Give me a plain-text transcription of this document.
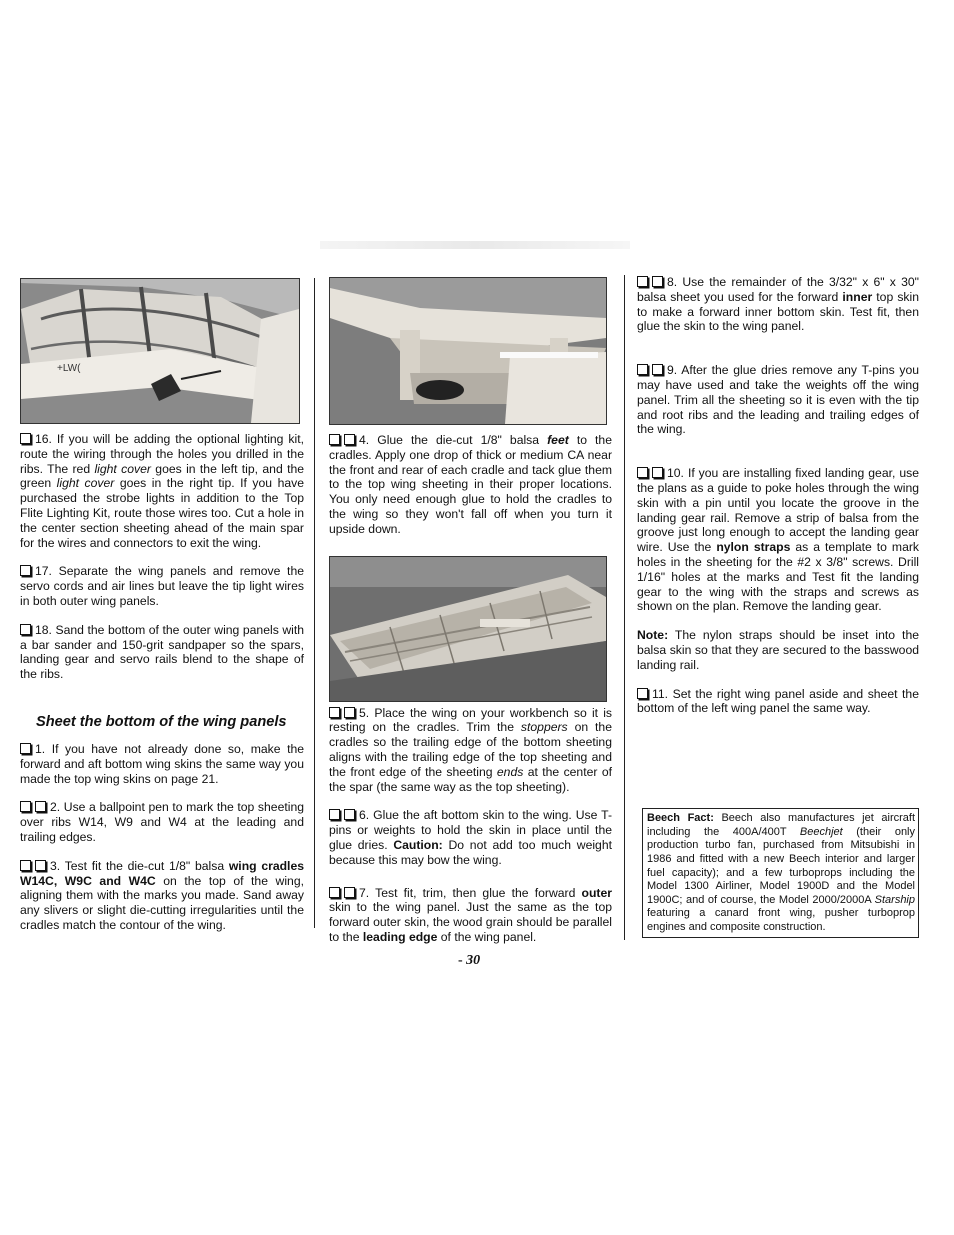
+LW(

16. If you will be adding the optional lighting kit, route the wiring through the holes you drilled in the ribs. The red light cover goes in the left tip, and the green light cover goes in the right tip. If you have purchased the strobe lights in addition to the Top Flite Lighting Kit, route those wires too. Cut a hole in the center section sheeting ahead of the main spar for the wires and connectors to exit the wing.

17. Separate the wing panels and remove the servo cords and air lines but leave the tip light wires in both outer wing panels.

18. Sand the bottom of the outer wing panels with a bar sander and 150-grit sandpaper so the spars, landing gear and servo rails blend to the shape of the ribs.

Sheet the bottom of the wing panels

1. If you have not already done so, make the forward and aft bottom wing skins the same way you made the top wing skins on page 21.

2. Use a ballpoint pen to mark the top sheeting over ribs W14, W9 and W4 at the leading and trailing edges.

3. Test fit the die-cut 1/8" balsa wing cradles W14C, W9C and W4C on the top of the wing, aligning them with the marks you made. Sand away any slivers or slight die-cutting irregularities until the cradles match the contour of the wing.

4. Glue the die-cut 1/8" balsa feet to the cradles. Apply one drop of thick or medium CA near the front and rear of each cradle and tack glue them to the top wing sheeting in their proper locations. You only need enough glue to hold the cradles to the wing so they won't fall off when you turn it upside down.

5. Place the wing on your workbench so it is resting on the cradles. Trim the stoppers on the cradles so the trailing edge of the bottom sheeting aligns with the trailing edge of the top sheeting and the front edge of the sheeting ends at the center of the spar (the same way as the top sheeting).

6. Glue the aft bottom skin to the wing. Use T-pins or weights to hold the skin in place until the glue dries. Caution: Do not add too much weight because this may bow the wing.

7. Test fit, trim, then glue the forward outer skin to the wing panel. Just the same as the top forward outer skin, the wood grain should be parallel to the leading edge of the wing panel.

8. Use the remainder of the 3/32" x 6" x 30" balsa sheet you used for the forward inner top skin to make a forward inner bottom skin. Test fit, then glue the skin to the wing panel.

9. After the glue dries remove any T-pins you may have used and take the weights off the wing panel. Trim all the sheeting so it is even with the tip and root ribs and the leading and trailing edges of the wing.

10. If you are installing fixed landing gear, use the plans as a guide to poke holes through the wing skin with a pin until you locate the groove in the landing gear rail. Remove a strip of balsa from the groove just long enough to accept the landing gear wire. Use the nylon straps as a template to mark holes in the sheeting for the #2 x 3/8" screws. Drill 1/16" holes at the marks and Test fit the landing gear to the wing with the straps and screws as shown on the plan. Remove the landing gear.

Note: The nylon straps should be inset into the balsa skin so that they are secured to the basswood landing rail.

11. Set the right wing panel aside and sheet the bottom of the left wing panel the same way.

Beech Fact: Beech also manufactures jet aircraft including the 400A/400T Beechjet (their only production turbo fan, purchased from Mitsubishi in 1986 and fitted with a new Beech interior and larger fuel capacity); and a few turboprops including the Model 1300 Airliner, Model 1900D and the Model 1900C; and of course, the Model 2000/2000A Starship featuring a canard front wing, pusher turboprop engines and composite construction.
- 30
